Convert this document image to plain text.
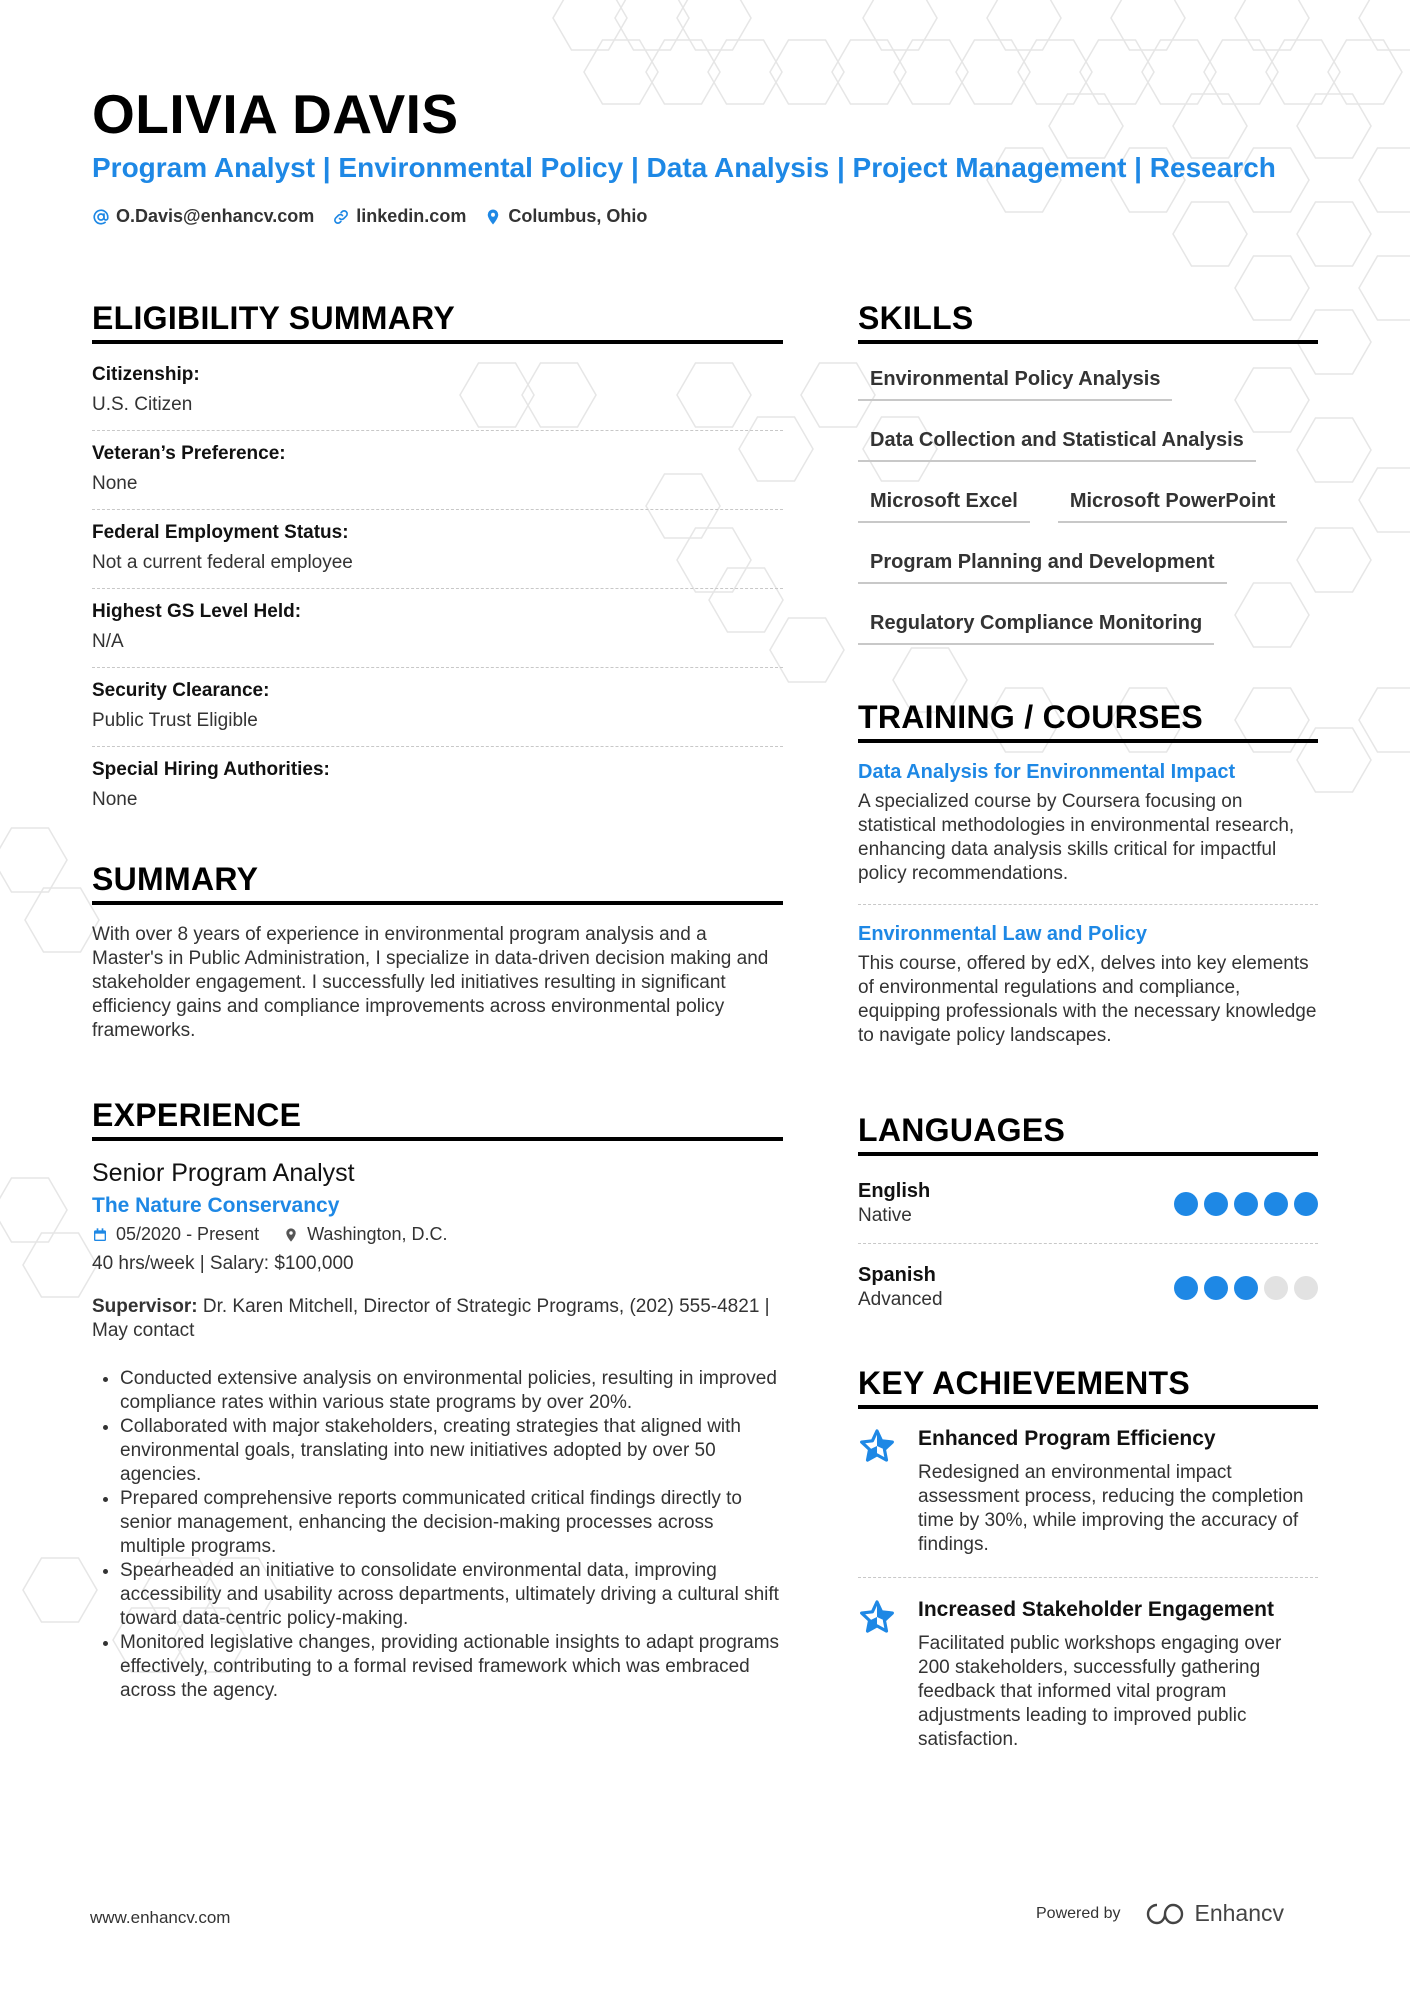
OLIVIA DAVIS
Program Analyst | Environmental Policy | Data Analysis | Project Management | Research
O.Davis@enhancv.com linkedin.com Columbus, Ohio
ELIGIBILITY SUMMARY
Citizenship:
U.S. Citizen
Veteran’s Preference:
None
Federal Employment Status:
Not a current federal employee
Highest GS Level Held:
N/A
Security Clearance:
Public Trust Eligible
Special Hiring Authorities:
None
SUMMARY

With over 8 years of experience in environmental program analysis and a Master's in Public Administration, I specialize in data-driven decision making and stakeholder engagement. I successfully led initiatives resulting in significant efficiency gains and compliance improvements across environmental policy frameworks.

EXPERIENCE
Senior Program Analyst
The Nature Conservancy
05/2020 - Present	Washington, D.C.
40 hrs/week | Salary: $100,000
Supervisor: Dr. Karen Mitchell, Director of Strategic Programs, (202) 555-4821 | May contact
• Conducted extensive analysis on environmental policies, resulting in improved compliance rates within various state programs by over 20%.
• Collaborated with major stakeholders, creating strategies that aligned with environmental goals, translating into new initiatives adopted by over 50 agencies.
• Prepared comprehensive reports communicated critical findings directly to senior management, enhancing the decision-making processes across multiple programs.
• Spearheaded an initiative to consolidate environmental data, improving accessibility and usability across departments, ultimately driving a cultural shift toward data-centric policy-making.
• Monitored legislative changes, providing actionable insights to adapt programs effectively, contributing to a formal revised framework which was embraced across the agency.
SKILLS
Environmental Policy Analysis
Data Collection and Statistical Analysis
Microsoft Excel	Microsoft PowerPoint
Program Planning and Development
Regulatory Compliance Monitoring
TRAINING / COURSES
Data Analysis for Environmental Impact
A specialized course by Coursera focusing on statistical methodologies in environmental research, enhancing data analysis skills critical for impactful policy recommendations.
Environmental Law and Policy
This course, offered by edX, delves into key elements of environmental regulations and compliance, equipping professionals with the necessary knowledge to navigate policy landscapes.
LANGUAGES
English
Native
Spanish
Advanced
KEY ACHIEVEMENTS
Enhanced Program Efficiency
Redesigned an environmental impact assessment process, reducing the completion time by 30%, while improving the accuracy of findings.
Increased Stakeholder Engagement
Facilitated public workshops engaging over 200 stakeholders, successfully gathering feedback that informed vital program adjustments leading to improved public satisfaction.
www.enhancv.com	Powered by	Enhancv
